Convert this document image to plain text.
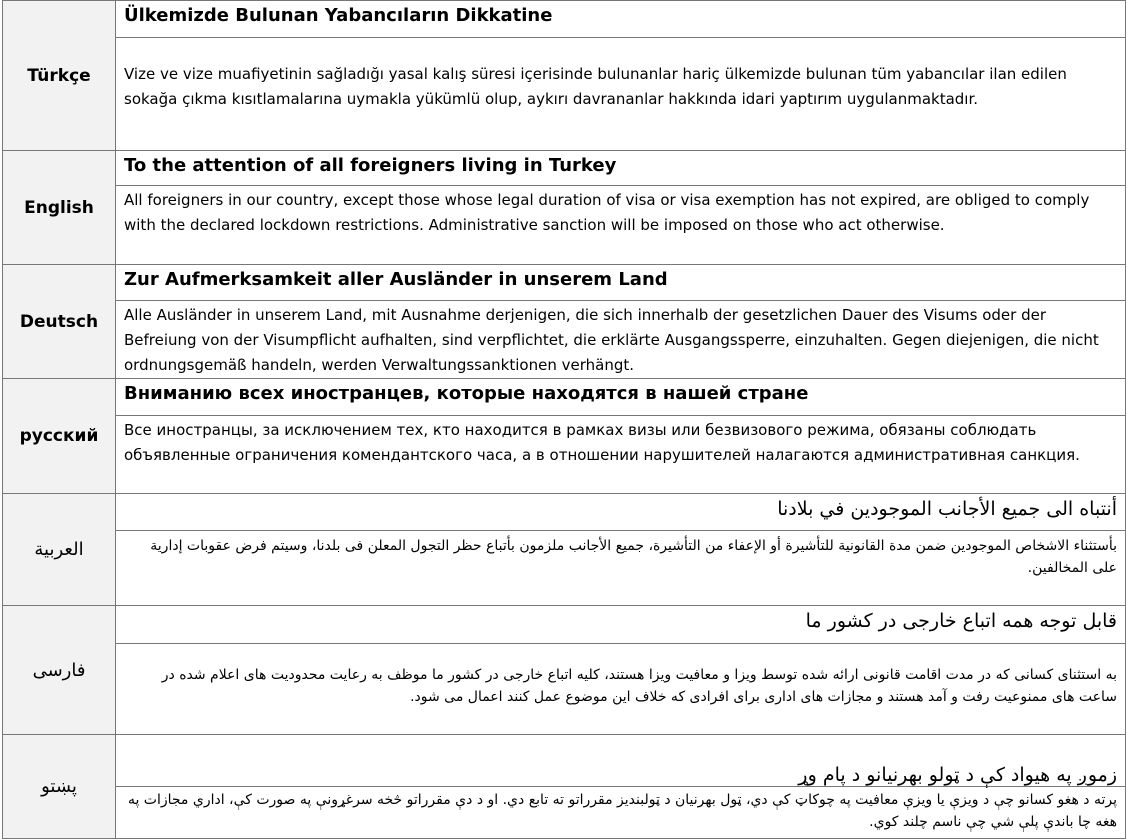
Türkçe	Ülkemizde Bulunan Yabancıların Dikkatine
Vize ve vize muafiyetinin sağladığı yasal kalış süresi içerisinde bulunanlar hariç ülkemizde bulunan tüm yabancılar ilan edilen sokağa çıkma kısıtlamalarına uymakla yükümlü olup, aykırı davrananlar hakkında idari yaptırım uygulanmaktadır.

English	To the attention of all foreigners living in Turkey
All foreigners in our country, except those whose legal duration of visa or visa exemption has not expired, are obliged to comply with the declared lockdown restrictions. Administrative sanction will be imposed on those who act otherwise.

Deutsch	Zur Aufmerksamkeit aller Ausländer in unserem Land
Alle Ausländer in unserem Land, mit Ausnahme derjenigen, die sich innerhalb der gesetzlichen Dauer des Visums oder der Befreiung von der Visumpflicht aufhalten, sind verpflichtet, die erklärte Ausgangssperre, einzuhalten. Gegen diejenigen, die nicht ordnungsgemäß handeln, werden Verwaltungssanktionen verhängt.

русский	Вниманию всех иностранцев, которые находятся в нашей стране
Все иностранцы, за исключением тех, кто находится в рамках визы или безвизового режима, обязаны соблюдать объявленные ограничения комендантского часа, а в отношении нарушителей налагаются административная санкция.

العربية	أنتباه الى جميع الأجانب الموجودين في بلادنا
بأستثناء الاشخاص الموجودين ضمن مدة القانونية للتأشيرة أو الإعفاء من التأشيرة، جميع الأجانب ملزمون بأتباع حظر التجول المعلن فى بلدنا، وسيتم فرض عقوبات إدارية على المخالفين.

فارسی	قابل توجه همه اتباع خارجی در کشور ما
به استثنای کسانی که در مدت اقامت قانونی ارائه شده توسط ویزا و معافیت ویزا هستند، کلیه اتباع خارجی در کشور ما موظف به رعایت محدودیت های اعلام شده در ساعت های ممنوعیت رفت و آمد هستند و مجازات های اداری برای افرادی که خلاف این موضوع عمل کنند اعمال می شود.

پښتو	زموږ په هیواد کې د ټولو بهرنیانو د پام وړ
پرته د هغو کسانو چې د ویزې یا ویزې معافیت په چوکاټ کې دي، ټول بهرنیان د ټولبندیز مقرراتو ته تابع دي. او د دې مقرراتو څخه سرغړونې په صورت کې، اداري مجازات په هغه چا باندې پلې شي چې ناسم چلند کوي.
